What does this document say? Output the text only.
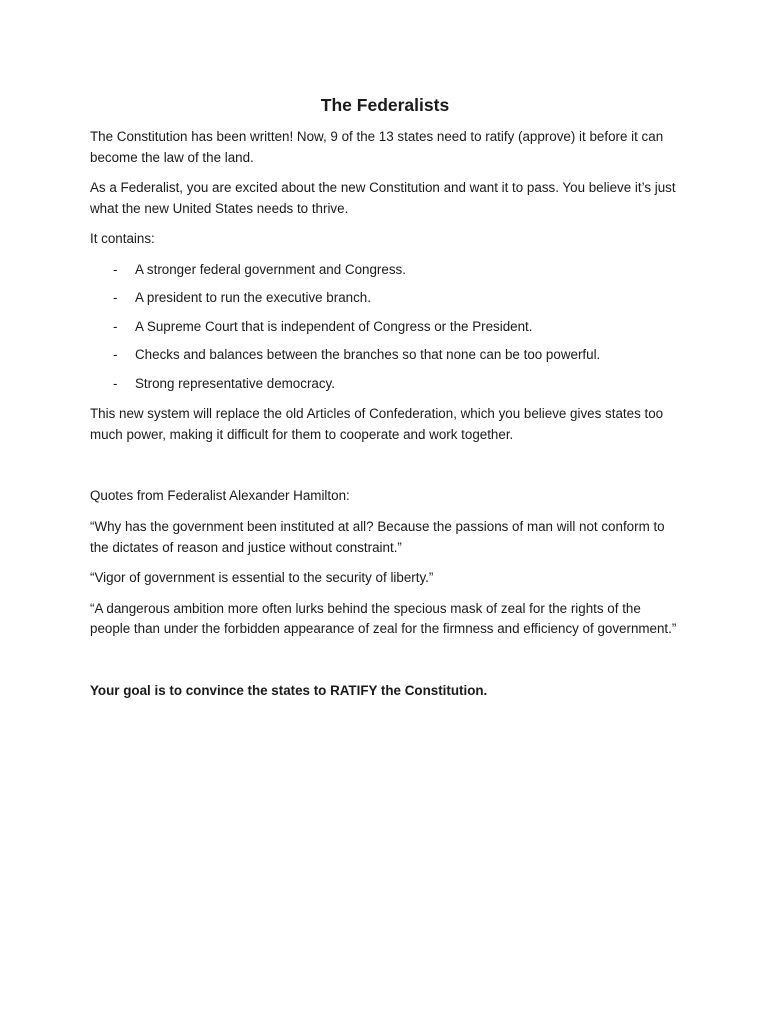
The Federalists

The Constitution has been written! Now, 9 of the 13 states need to ratify (approve) it before it can become the law of the land.

As a Federalist, you are excited about the new Constitution and want it to pass. You believe it’s just what the new United States needs to thrive.

It contains:

- A stronger federal government and Congress.
- A president to run the executive branch.
- A Supreme Court that is independent of Congress or the President.
- Checks and balances between the branches so that none can be too powerful.
- Strong representative democracy.

This new system will replace the old Articles of Confederation, which you believe gives states too much power, making it difficult for them to cooperate and work together.

Quotes from Federalist Alexander Hamilton:

“Why has the government been instituted at all? Because the passions of man will not conform to the dictates of reason and justice without constraint.”

“Vigor of government is essential to the security of liberty.”

“A dangerous ambition more often lurks behind the specious mask of zeal for the rights of the people than under the forbidden appearance of zeal for the firmness and efficiency of government.”

Your goal is to convince the states to RATIFY the Constitution.
